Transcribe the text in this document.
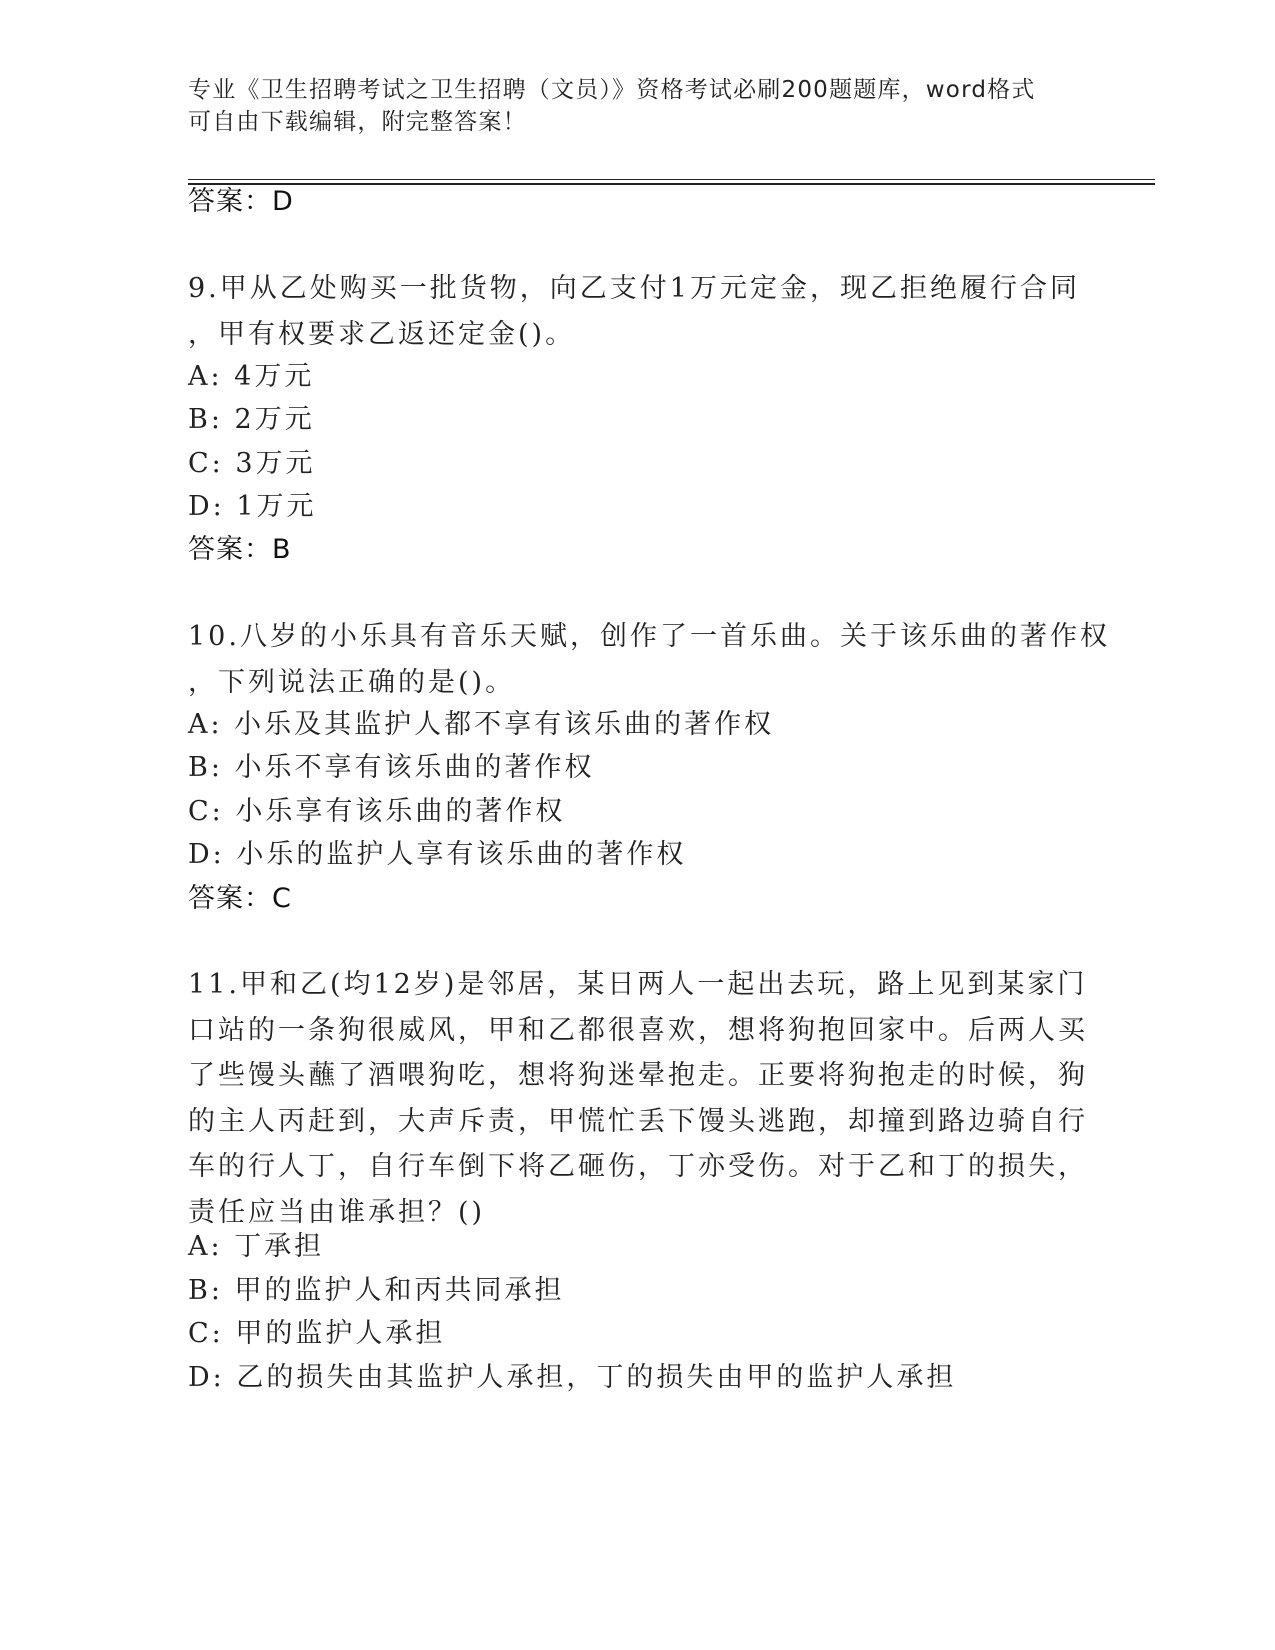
专业《卫生招聘考试之卫生招聘（文员）》资格考试必刷200题题库，word格式
可自由下载编辑，附完整答案！
答案：D
9.甲从乙处购买一批货物，向乙支付1万元定金，现乙拒绝履行合同
，甲有权要求乙返还定金()。
A: 4万元
B: 2万元
C: 3万元
D: 1万元
答案：B
10.八岁的小乐具有音乐天赋，创作了一首乐曲。关于该乐曲的著作权
，下列说法正确的是()。
A: 小乐及其监护人都不享有该乐曲的著作权
B: 小乐不享有该乐曲的著作权
C: 小乐享有该乐曲的著作权
D: 小乐的监护人享有该乐曲的著作权
答案：C
11.甲和乙(均12岁)是邻居，某日两人一起出去玩，路上见到某家门
口站的一条狗很威风，甲和乙都很喜欢，想将狗抱回家中。后两人买
了些馒头蘸了酒喂狗吃，想将狗迷晕抱走。正要将狗抱走的时候，狗
的主人丙赶到，大声斥责，甲慌忙丢下馒头逃跑，却撞到路边骑自行
车的行人丁，自行车倒下将乙砸伤，丁亦受伤。对于乙和丁的损失，
责任应当由谁承担？()
A: 丁承担
B: 甲的监护人和丙共同承担
C: 甲的监护人承担
D: 乙的损失由其监护人承担，丁的损失由甲的监护人承担
